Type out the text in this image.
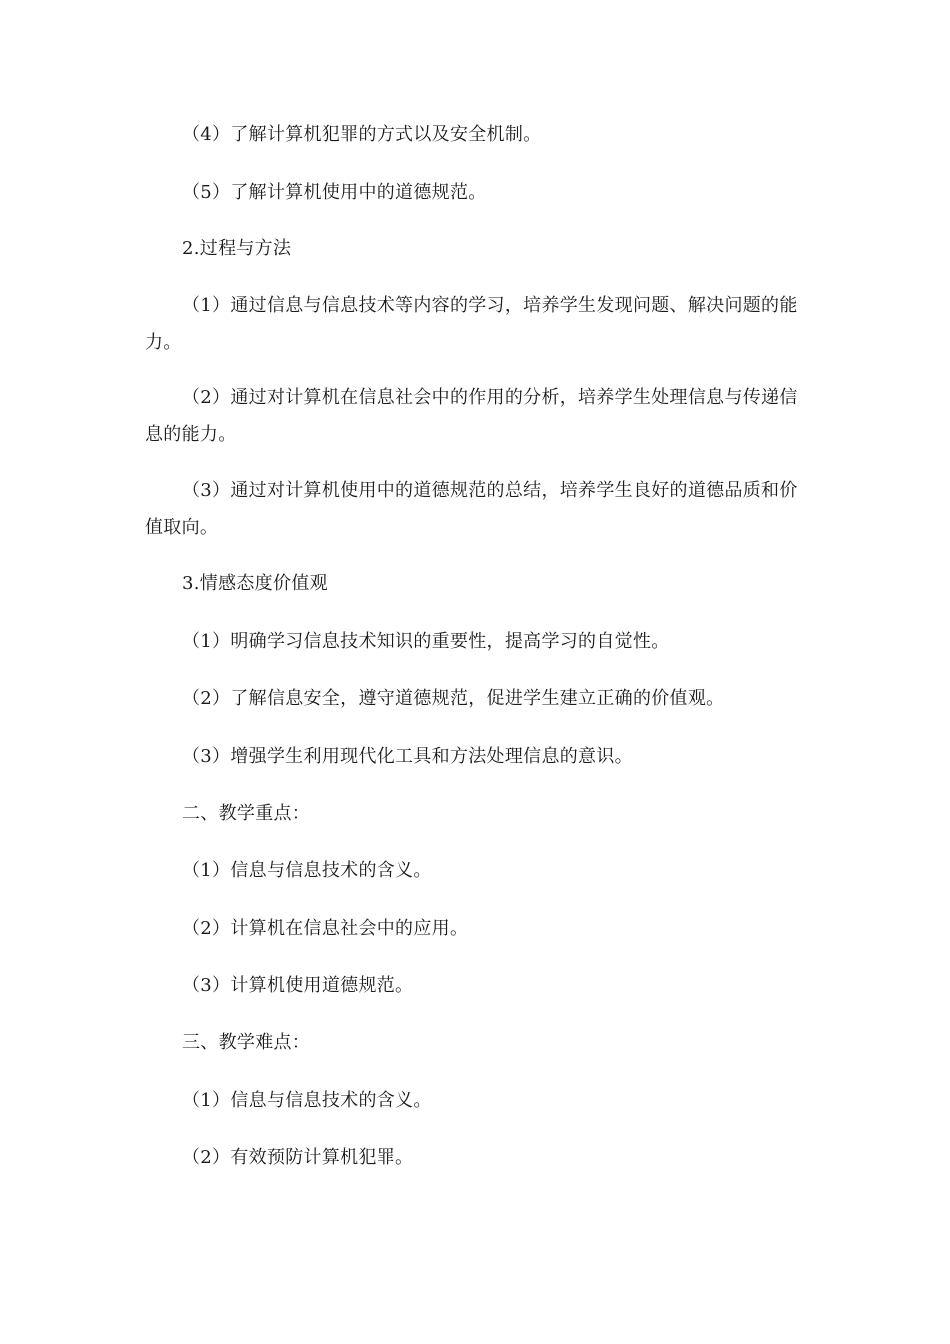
（4）了解计算机犯罪的方式以及安全机制。

（5）了解计算机使用中的道德规范。

2.过程与方法

（1）通过信息与信息技术等内容的学习，培养学生发现问题、解决问题的能力。

（2）通过对计算机在信息社会中的作用的分析，培养学生处理信息与传递信息的能力。

（3）通过对计算机使用中的道德规范的总结，培养学生良好的道德品质和价值取向。

3.情感态度价值观

（1）明确学习信息技术知识的重要性，提高学习的自觉性。

（2）了解信息安全，遵守道德规范，促进学生建立正确的价值观。

（3）增强学生利用现代化工具和方法处理信息的意识。

二、教学重点：

（1）信息与信息技术的含义。

（2）计算机在信息社会中的应用。

（3）计算机使用道德规范。

三、教学难点：

（1）信息与信息技术的含义。

（2）有效预防计算机犯罪。
